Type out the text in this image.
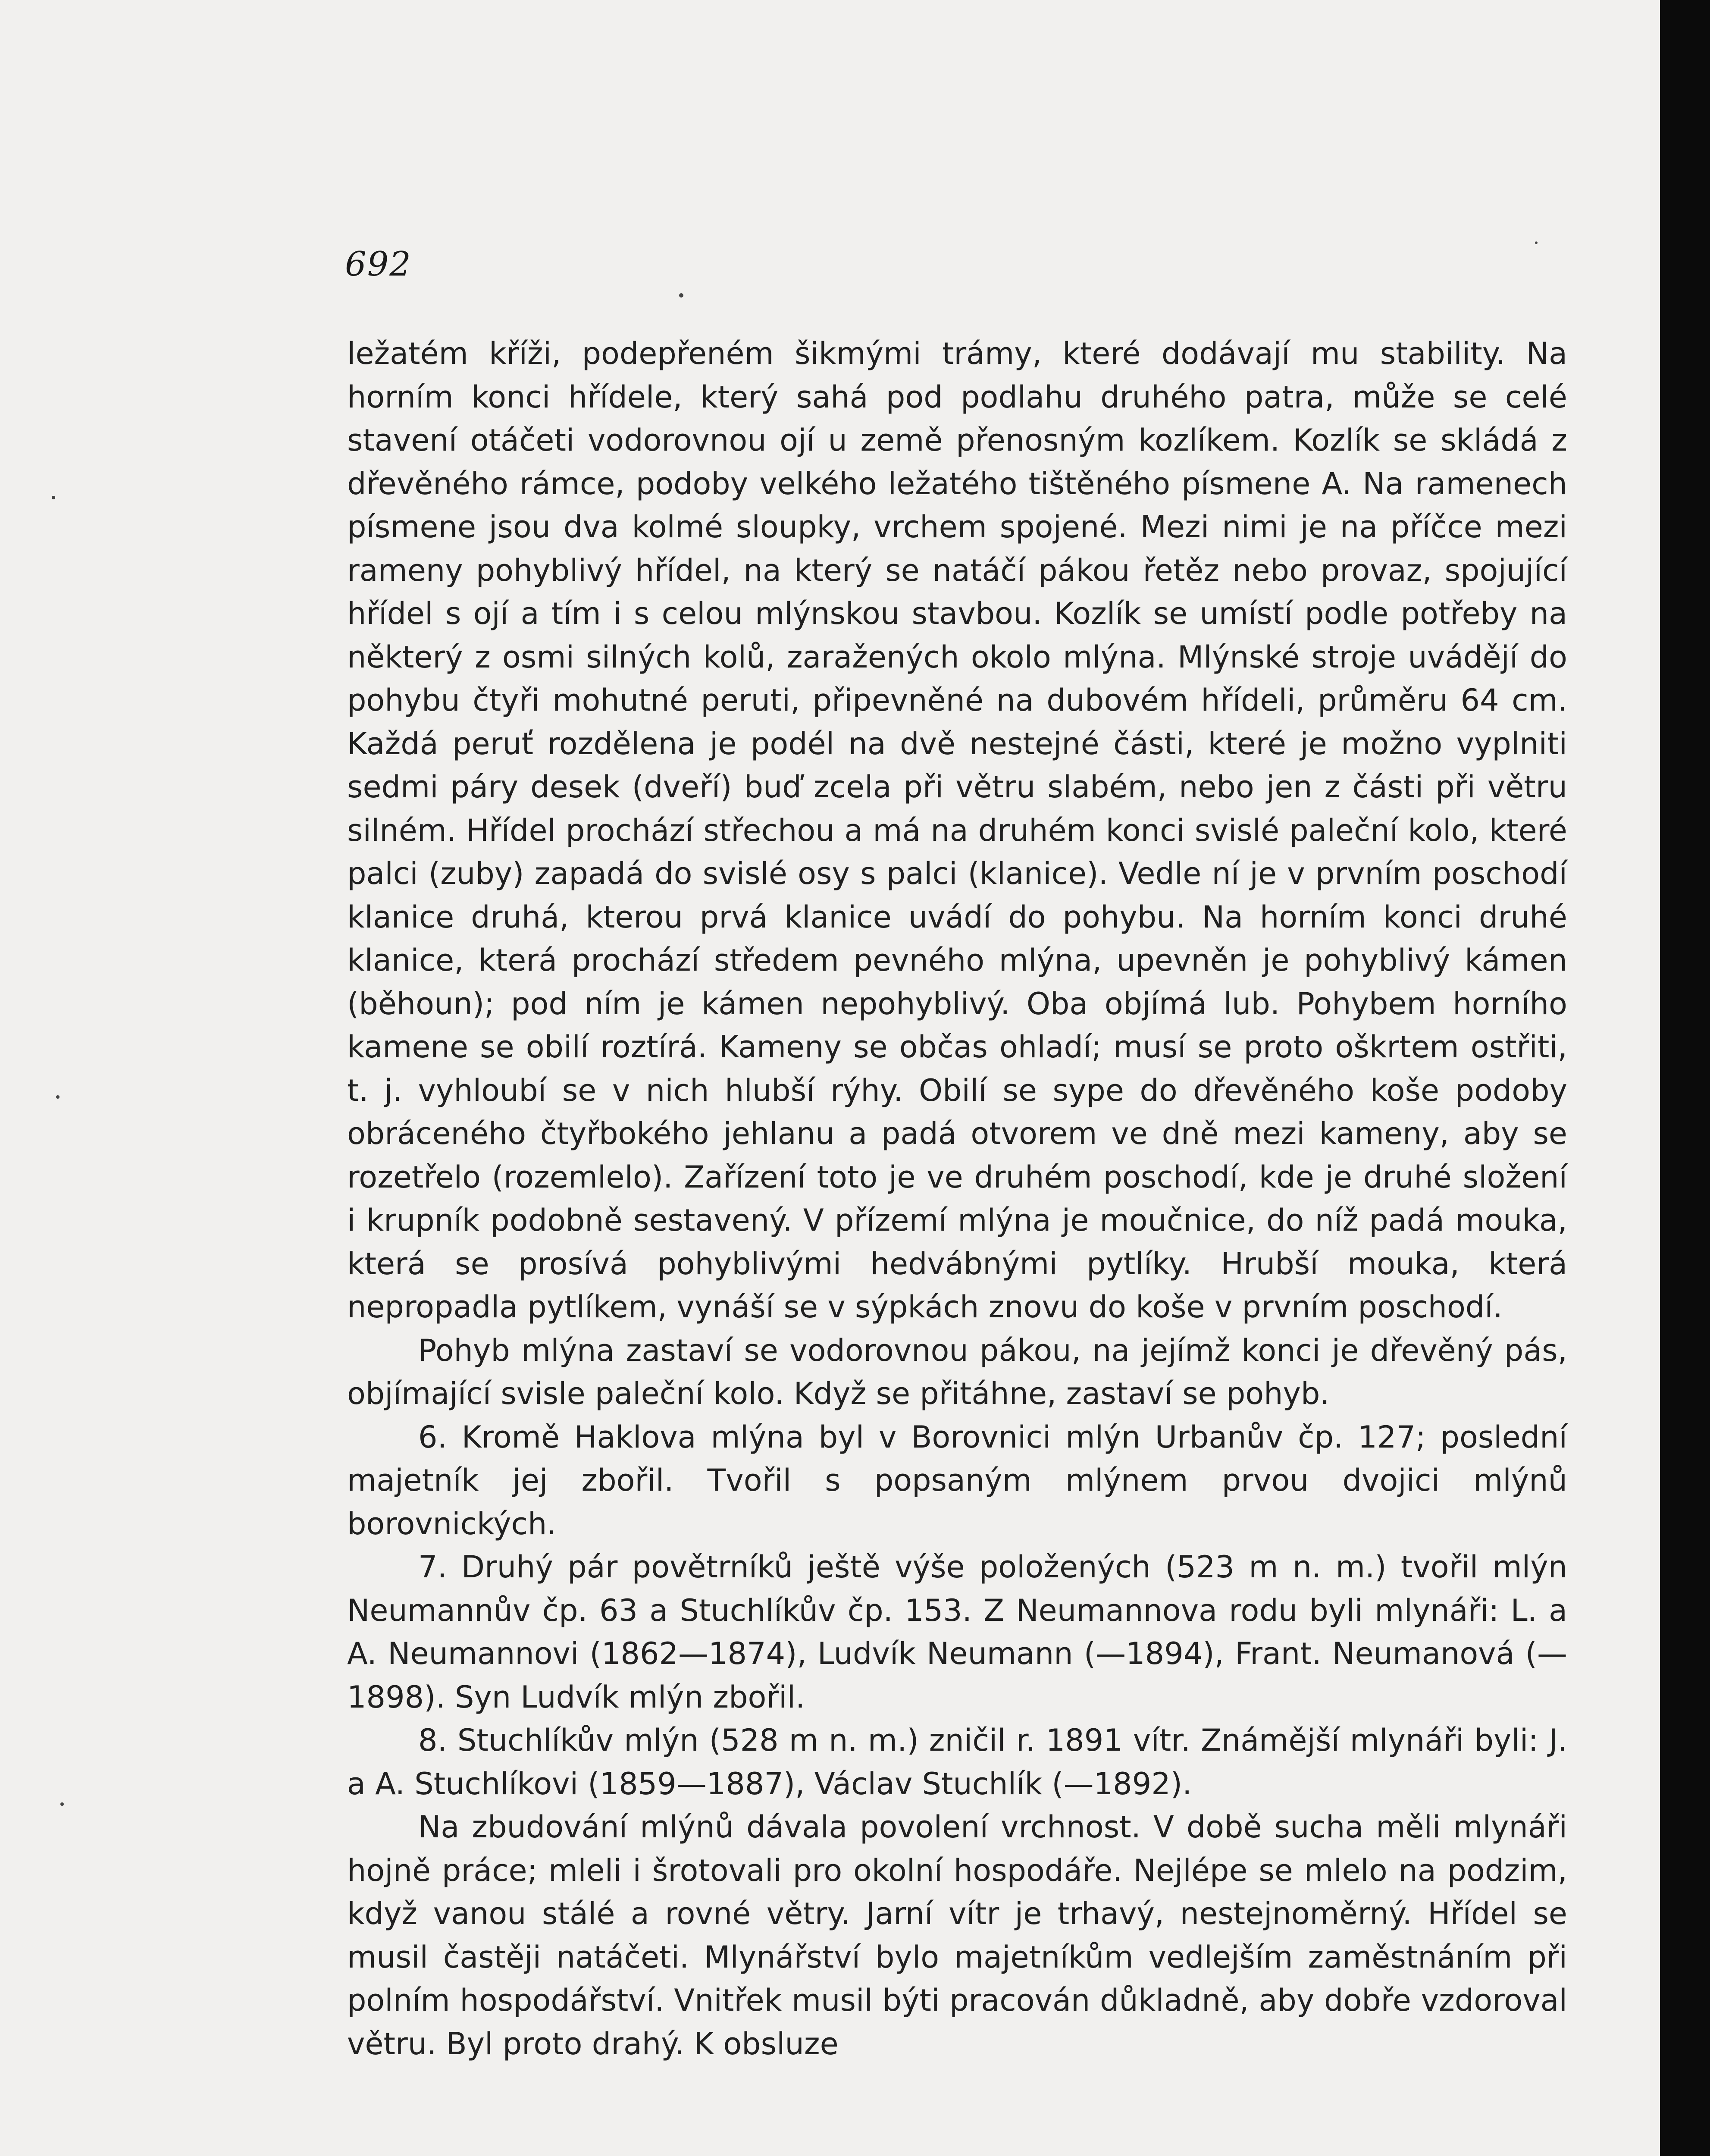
692

ležatém kříži, podepřeném šikmými trámy, které dodávají mu stability. Na horním konci hřídele, který sahá pod podlahu druhého patra, může se celé stavení otáčeti vodorovnou ojí u země přenosným kozlíkem. Kozlík se skládá z dřevěného rámce, podoby velkého ležatého tištěného písmene A. Na ramenech písmene jsou dva kolmé sloupky, vrchem spojené. Mezi nimi je na příčce mezi rameny pohyblivý hřídel, na který se natáčí pákou řetěz nebo provaz, spojující hřídel s ojí a tím i s celou mlýnskou stavbou. Kozlík se umístí podle potřeby na některý z osmi silných kolů, zaražených okolo mlýna. Mlýnské stroje uvádějí do pohybu čtyři mohutné peruti, připevněné na dubovém hřídeli, průměru 64 cm. Každá peruť rozdělena je podél na dvě nestejné části, které je možno vyplniti sedmi páry desek (dveří) buď zcela při větru slabém, nebo jen z části při větru silném. Hřídel prochází střechou a má na druhém konci svislé paleční kolo, které palci (zuby) zapadá do svislé osy s palci (klanice). Vedle ní je v prvním poschodí klanice druhá, kterou prvá klanice uvádí do pohybu. Na horním konci druhé klanice, která prochází středem pevného mlýna, upevněn je pohyblivý kámen (běhoun); pod ním je kámen nepohyblivý. Oba objímá lub. Pohybem horního kamene se obilí roztírá. Kameny se občas ohladí; musí se proto oškrtem ostřiti, t. j. vyhloubí se v nich hlubší rýhy. Obilí se sype do dřevěného koše podoby obráceného čtyřbokého jehlanu a padá otvorem ve dně mezi kameny, aby se rozetřelo (rozemlelo). Zařízení toto je ve druhém poschodí, kde je druhé složení i krupník podobně sestavený. V přízemí mlýna je moučnice, do níž padá mouka, která se prosívá pohyblivými hedvábnými pytlíky. Hrubší mouka, která nepropadla pytlíkem, vynáší se v sýpkách znovu do koše v prvním poschodí.

Pohyb mlýna zastaví se vodorovnou pákou, na jejímž konci je dřevěný pás, objímající svisle paleční kolo. Když se přitáhne, zastaví se pohyb.

6. Kromě Haklova mlýna byl v Borovnici mlýn Urbanův čp. 127; poslední majetník jej zbořil. Tvořil s popsaným mlýnem prvou dvojici mlýnů borovnických.

7. Druhý pár povětrníků ještě výše položených (523 m n. m.) tvořil mlýn Neumannův čp. 63 a Stuchlíkův čp. 153. Z Neumannova rodu byli mlynáři: L. a A. Neumannovi (1862—1874), Ludvík Neumann (—1894), Frant. Neumanová (—1898). Syn Ludvík mlýn zbořil.

8. Stuchlíkův mlýn (528 m n. m.) zničil r. 1891 vítr. Známější mlynáři byli: J. a A. Stuchlíkovi (1859—1887), Václav Stuchlík (—1892).

Na zbudování mlýnů dávala povolení vrchnost. V době sucha měli mlynáři hojně práce; mleli i šrotovali pro okolní hospodáře. Nejlépe se mlelo na podzim, když vanou stálé a rovné větry. Jarní vítr je trhavý, nestejnoměrný. Hřídel se musil častěji natáčeti. Mlynářství bylo majetníkům vedlejším zaměstnáním při polním hospodářství. Vnitřek musil býti pracován důkladně, aby dobře vzdoroval větru. Byl proto drahý. K obsluze
